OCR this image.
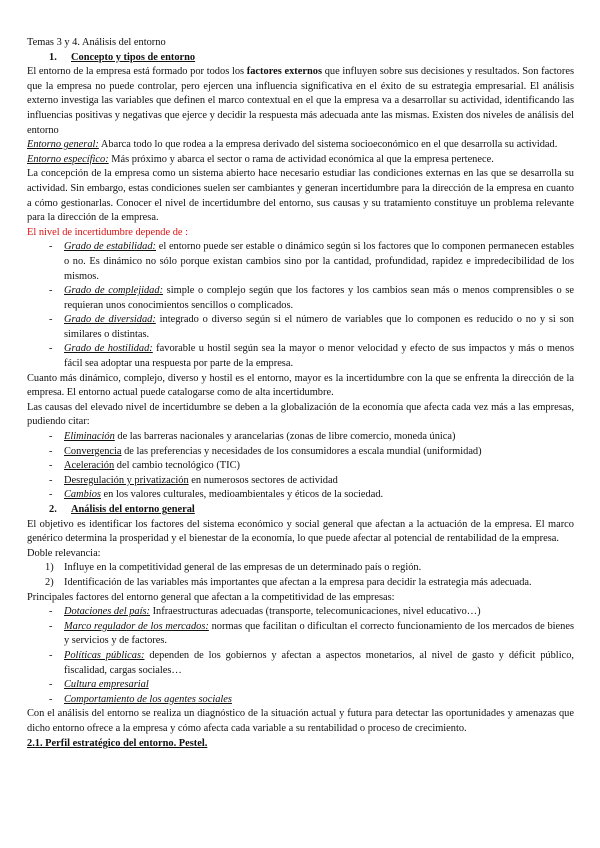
Temas 3 y 4. Análisis del entorno

1. Concepto y tipos de entorno

El entorno de la empresa está formado por todos los factores externos que influyen sobre sus decisiones y resultados. Son factores que la empresa no puede controlar, pero ejercen una influencia significativa en el éxito de su estrategia empresarial. El análisis externo investiga las variables que definen el marco contextual en el que la empresa va a desarrollar su actividad, identificando las influencias positivas y negativas que ejerce y decidir la respuesta más adecuada ante las mismas. Existen dos niveles de análisis del entorno

Entorno general: Abarca todo lo que rodea a la empresa derivado del sistema socioeconómico en el que desarrolla su actividad.

Entorno específico: Más próximo y abarca el sector o rama de actividad económica al que la empresa pertenece.

La concepción de la empresa como un sistema abierto hace necesario estudiar las condiciones externas en las que se desarrolla su actividad. Sin embargo, estas condiciones suelen ser cambiantes y generan incertidumbre para la dirección de la empresa en cuanto a cómo gestionarlas. Conocer el nivel de incertidumbre del entorno, sus causas y su tratamiento constituye un problema relevante para la dirección de la empresa.

El nivel de incertidumbre depende de :

- Grado de estabilidad: el entorno puede ser estable o dinámico según si los factores que lo componen permanecen estables o no. Es dinámico no sólo porque existan cambios sino por la cantidad, profundidad, rapidez e impredecibilidad de los mismos.
- Grado de complejidad: simple o complejo según que los factores y los cambios sean más o menos comprensibles o se requieran unos conocimientos sencillos o complicados.
- Grado de diversidad: integrado o diverso según si el número de variables que lo componen es reducido o no y si son similares o distintas.
- Grado de hostilidad: favorable u hostil según sea la mayor o menor velocidad y efecto de sus impactos y más o menos fácil sea adoptar una respuesta por parte de la empresa.

Cuanto más dinámico, complejo, diverso y hostil es el entorno, mayor es la incertidumbre con la que se enfrenta la dirección de la empresa. El entorno actual puede catalogarse como de alta incertidumbre.

Las causas del elevado nivel de incertidumbre se deben a la globalización de la economía que afecta cada vez más a las empresas, pudiendo citar:

- Eliminación de las barreras nacionales y arancelarias (zonas de libre comercio, moneda única)
- Convergencia de las preferencias y necesidades de los consumidores a escala mundial (uniformidad)
- Aceleración del cambio tecnológico (TIC)
- Desregulación y privatización en numerosos sectores de actividad
- Cambios en los valores culturales, medioambientales y éticos de la sociedad.

2. Análisis del entorno general

El objetivo es identificar los factores del sistema económico y social general que afectan a la actuación de la empresa. El marco genérico determina la prosperidad y el bienestar de la economía, lo que puede afectar al potencial de rentabilidad de la empresa.

Doble relevancia:

1) Influye en la competitividad general de las empresas de un determinado país o región.
2) Identificación de las variables más importantes que afectan a la empresa para decidir la estrategia más adecuada.

Principales factores del entorno general que afectan a la competitividad de las empresas:

- Dotaciones del país: Infraestructuras adecuadas (transporte, telecomunicaciones, nivel educativo…)
- Marco regulador de los mercados: normas que facilitan o dificultan el correcto funcionamiento de los mercados de bienes y servicios y de factores.
- Políticas públicas: dependen de los gobiernos y afectan a aspectos monetarios, al nivel de gasto y déficit público, fiscalidad, cargas sociales…
- Cultura empresarial
- Comportamiento de los agentes sociales

Con el análisis del entorno se realiza un diagnóstico de la situación actual y futura para detectar las oportunidades y amenazas que dicho entorno ofrece a la empresa y cómo afecta cada variable a su rentabilidad o proceso de crecimiento.

2.1. Perfil estratégico del entorno. Pestel.
